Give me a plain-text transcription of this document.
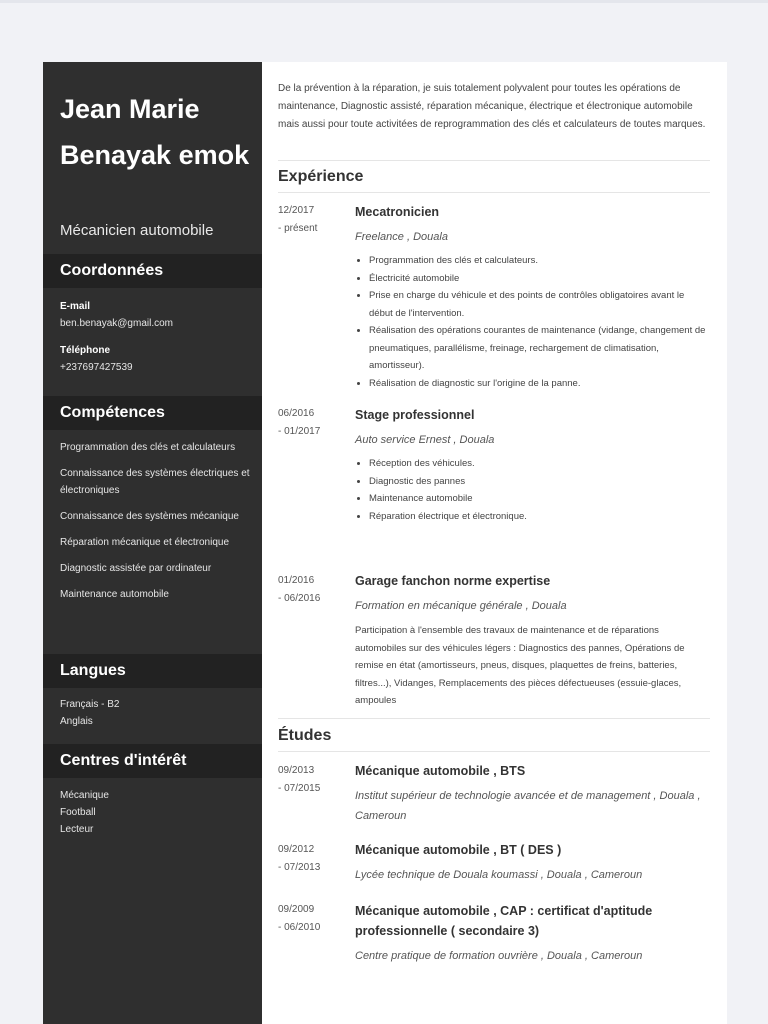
Jean Marie Benayak emok
Mécanicien automobile
Coordonnées
E-mail
ben.benayak@gmail.com
Téléphone
+237697427539
Compétences
Programmation des clés et calculateurs
Connaissance des systèmes électriques et électroniques
Connaissance des systèmes mécanique
Réparation mécanique et électronique
Diagnostic assistée par ordinateur
Maintenance automobile
Langues
Français - B2
Anglais
Centres d'intérêt
Mécanique
Football
Lecteur
De la prévention à la réparation, je suis totalement polyvalent pour toutes les opérations de maintenance, Diagnostic assisté, réparation mécanique, électrique et électronique automobile mais aussi pour toute activitées de reprogrammation des clés et calculateurs de toutes marques.
Expérience
12/2017
- présent
Mecatronicien
Freelance , Douala
• Programmation des clés et calculateurs.
• Électricité automobile
• Prise en charge du véhicule et des points de contrôles obligatoires avant le début de l'intervention.
• Réalisation des opérations courantes de maintenance (vidange, changement de pneumatiques, parallélisme, freinage, rechargement de climatisation, amortisseur).
• Réalisation de diagnostic sur l'origine de la panne.
06/2016
- 01/2017
Stage professionnel
Auto service Ernest , Douala
• Réception des véhicules.
• Diagnostic des pannes
• Maintenance automobile
• Réparation électrique et électronique.
01/2016
- 06/2016
Garage fanchon norme expertise
Formation en mécanique générale , Douala
Participation à l'ensemble des travaux de maintenance et de réparations automobiles sur des véhicules légers : Diagnostics des pannes, Opérations de remise en état (amortisseurs, pneus, disques, plaquettes de freins, batteries, filtres...), Vidanges, Remplacements des pièces défectueuses (essuie-glaces, ampoules
Études
09/2013
- 07/2015
Mécanique automobile , BTS
Institut supérieur de technologie avancée et de management , Douala , Cameroun
09/2012
- 07/2013
Mécanique automobile , BT ( DES )
Lycée technique de Douala koumassi , Douala , Cameroun
09/2009
- 06/2010
Mécanique automobile , CAP : certificat d'aptitude professionnelle ( secondaire 3)
Centre pratique de formation ouvrière , Douala , Cameroun
